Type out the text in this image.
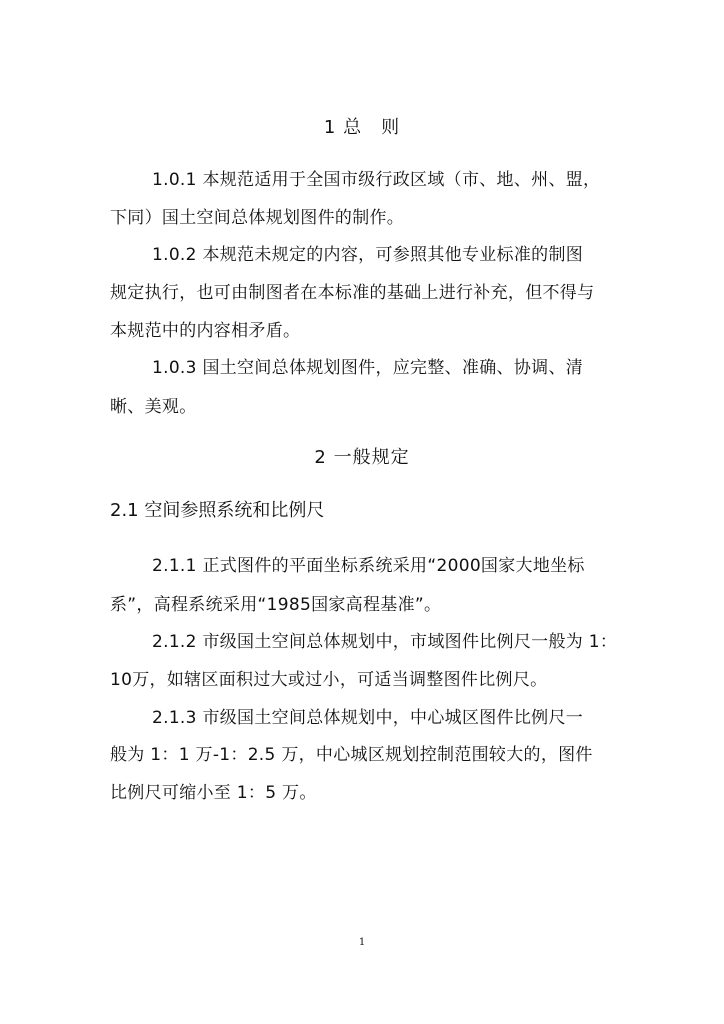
1 总　则
1.0.1 本规范适用于全国市级行政区域（市、地、州、盟，
下同）国土空间总体规划图件的制作。
1.0.2 本规范未规定的内容，可参照其他专业标准的制图
规定执行，也可由制图者在本标准的基础上进行补充，但不得与
本规范中的内容相矛盾。
1.0.3 国土空间总体规划图件，应完整、准确、协调、清
晰、美观。
2 一般规定
2.1 空间参照系统和比例尺
2.1.1 正式图件的平面坐标系统采用“2000国家大地坐标
系”，高程系统采用“1985国家高程基准”。
2.1.2 市级国土空间总体规划中，市域图件比例尺一般为 1：
10万，如辖区面积过大或过小，可适当调整图件比例尺。
2.1.3 市级国土空间总体规划中，中心城区图件比例尺一
般为 1：1 万-1：2.5 万，中心城区规划控制范围较大的，图件
比例尺可缩小至 1：5 万。
1
